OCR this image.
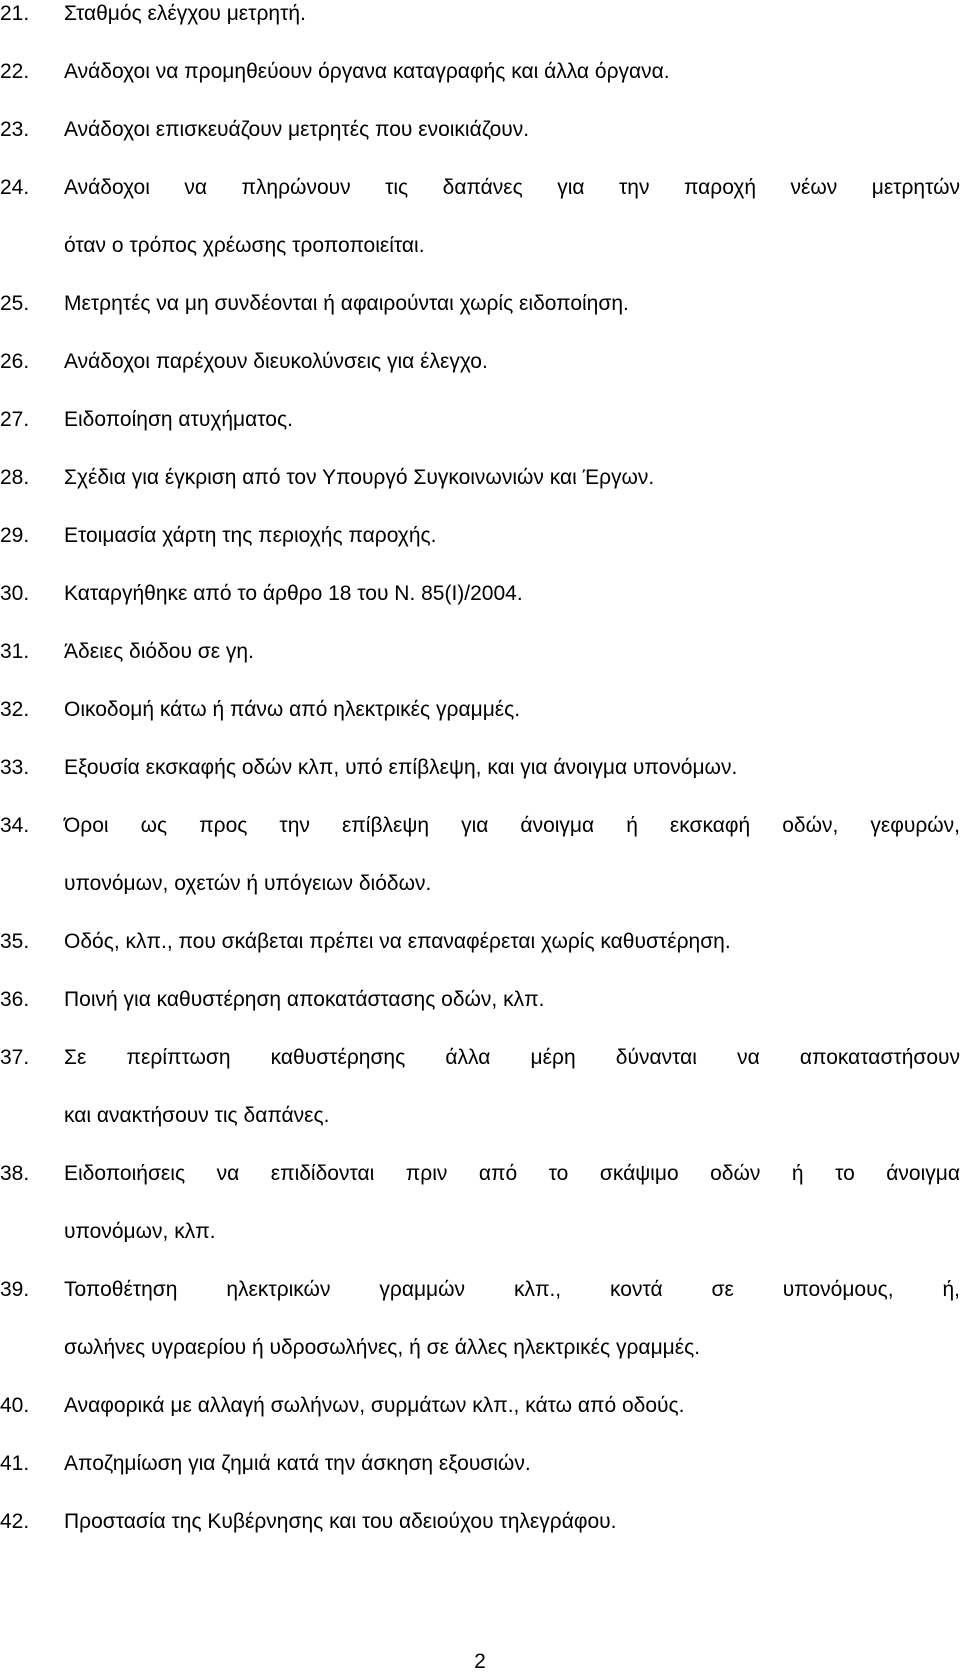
21.	Σταθμός ελέγχου μετρητή.
22.	Ανάδοχοι να προμηθεύουν όργανα καταγραφής και άλλα όργανα.
23.	Ανάδοχοι επισκευάζουν μετρητές που ενοικιάζουν.
24.	Ανάδοχοι να πληρώνουν τις δαπάνες για την παροχή νέων μετρητών
όταν ο τρόπος χρέωσης τροποποιείται.
25.	Μετρητές να μη συνδέονται ή αφαιρούνται χωρίς ειδοποίηση.
26.	Ανάδοχοι παρέχουν διευκολύνσεις για έλεγχο.
27.	Ειδοποίηση ατυχήματος.
28.	Σχέδια για έγκριση από τον Υπουργό Συγκοινωνιών και Έργων.
29.	Ετοιμασία χάρτη της περιοχής παροχής.
30.	Καταργήθηκε από το άρθρο 18 του Ν. 85(Ι)/2004.
31.	Άδειες διόδου σε γη.
32.	Οικοδομή κάτω ή πάνω από ηλεκτρικές γραμμές.
33.	Εξουσία εκσκαφής οδών κλπ, υπό επίβλεψη, και για άνοιγμα υπονόμων.
34.	Όροι ως προς την επίβλεψη για άνοιγμα ή εκσκαφή οδών, γεφυρών,
υπονόμων, οχετών ή υπόγειων διόδων.
35.	Οδός, κλπ., που σκάβεται πρέπει να επαναφέρεται χωρίς καθυστέρηση.
36.	Ποινή για καθυστέρηση αποκατάστασης οδών, κλπ.
37.	Σε περίπτωση καθυστέρησης άλλα μέρη δύνανται να αποκαταστήσουν
και ανακτήσουν τις δαπάνες.
38.	Ειδοποιήσεις να επιδίδονται πριν από το σκάψιμο οδών ή το άνοιγμα
υπονόμων, κλπ.
39.	Τοποθέτηση ηλεκτρικών γραμμών κλπ., κοντά σε υπονόμους, ή,
σωλήνες υγραερίου ή υδροσωλήνες, ή σε άλλες ηλεκτρικές γραμμές.
40.	Αναφορικά με αλλαγή σωλήνων, συρμάτων κλπ., κάτω από οδούς.
41.	Αποζημίωση για ζημιά κατά την άσκηση εξουσιών.
42.	Προστασία της Κυβέρνησης και του αδειούχου τηλεγράφου.
2
